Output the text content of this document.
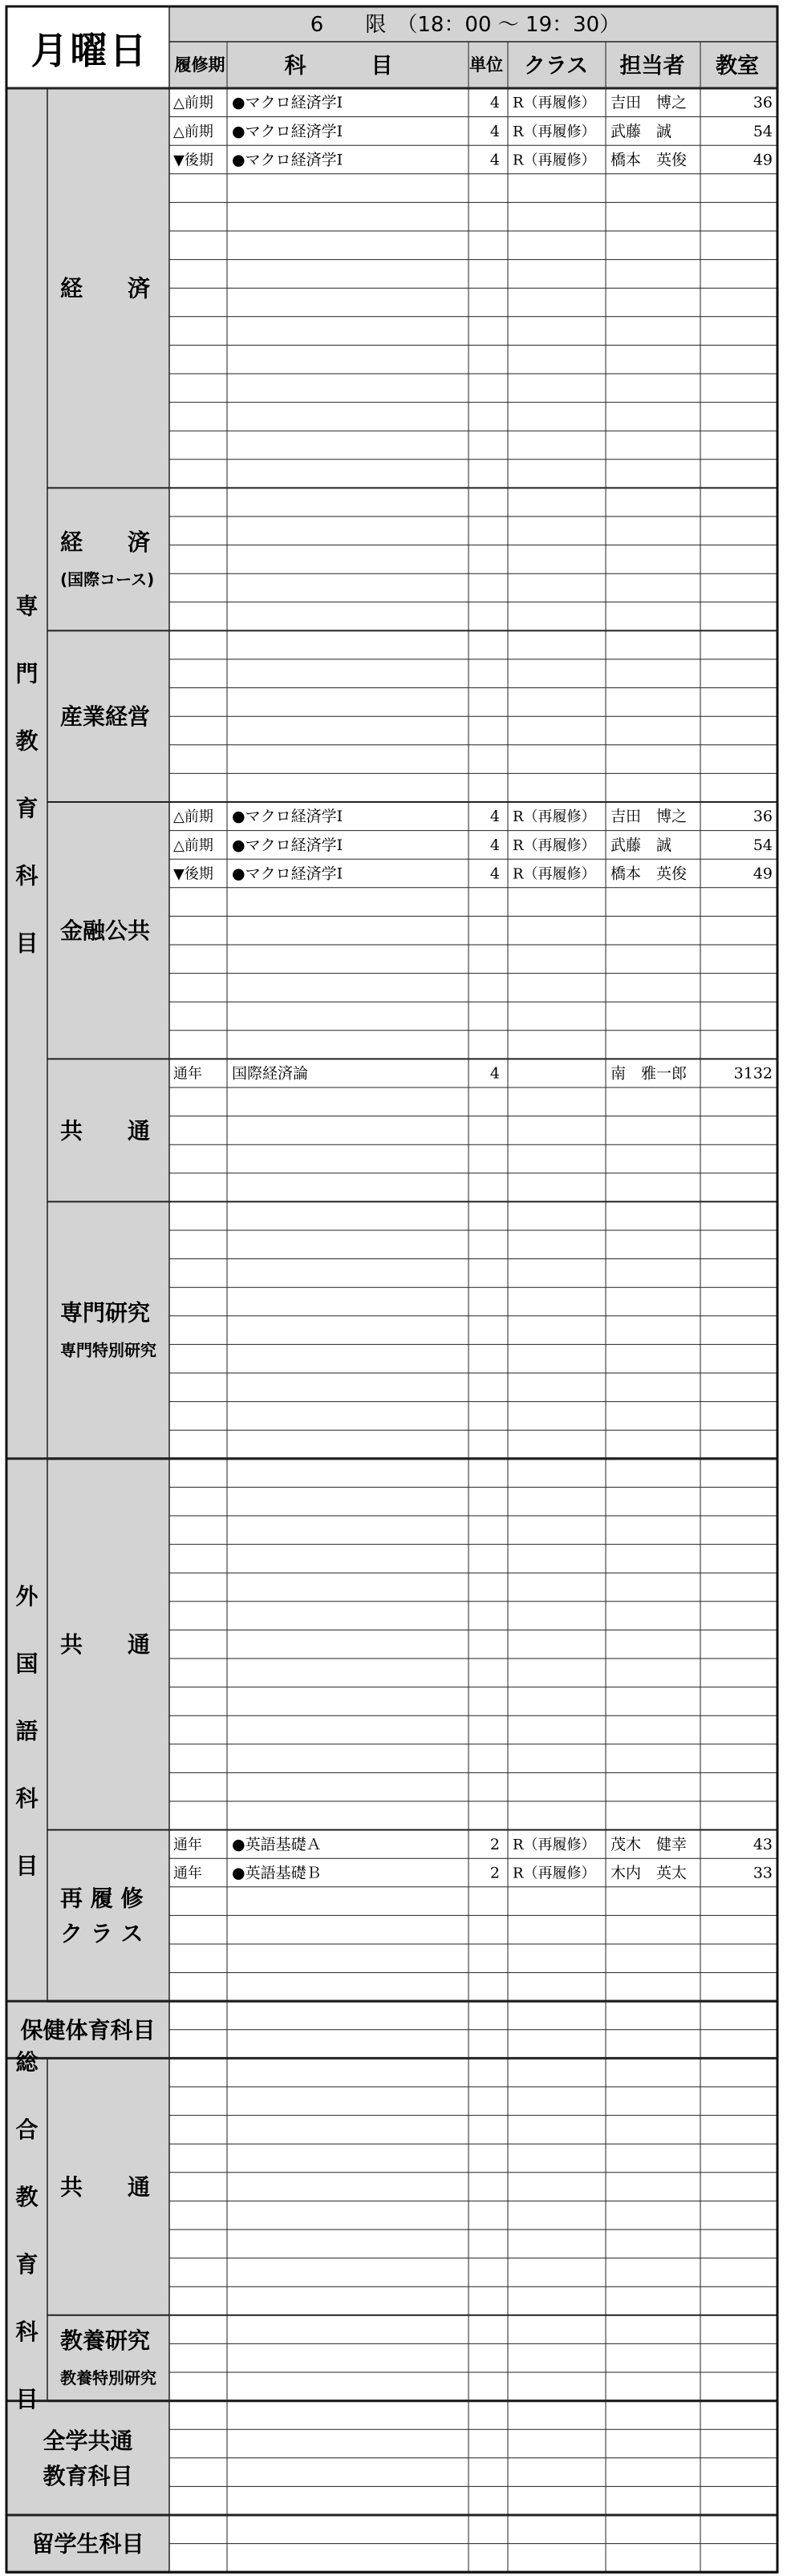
月曜日
6　　限　（18：00 ～ 19：30）
履修期	科　　　目	単位 クラス 担当者 教室
△前期 ●マクロ経済学Ⅰ	4 R（再履修） 吉田　博之	36
△前期 ●マクロ経済学Ⅰ	4 R（再履修） 武藤　誠	54
▼後期 ●マクロ経済学Ⅰ	4 R（再履修） 橋本　英俊	49
経　　済
経　　済
(国際コース)
産業経営
△前期 ●マクロ経済学Ⅰ	4 R（再履修） 吉田　博之	36
△前期 ●マクロ経済学Ⅰ	4 R（再履修） 武藤　誠	54
▼後期 ●マクロ経済学Ⅰ	4 R（再履修） 橋本　英俊	49
金融公共
通年 国際経済論	4	南　雅一郎	3132
共　　通
専門研究
専門特別研究
専
門
教
育
科
目
共　　通
通年 ●英語基礎Ａ	2 R（再履修） 茂木　健幸	43
通年 ●英語基礎Ｂ	2 R（再履修） 木内　英太	33
再 履 修
ク ラ ス
外
国
語
科
目
保健体育科目
共　　通
教養研究
教養特別研究
総
合
教
育
科
目
全学共通
教育科目
留学生科目
